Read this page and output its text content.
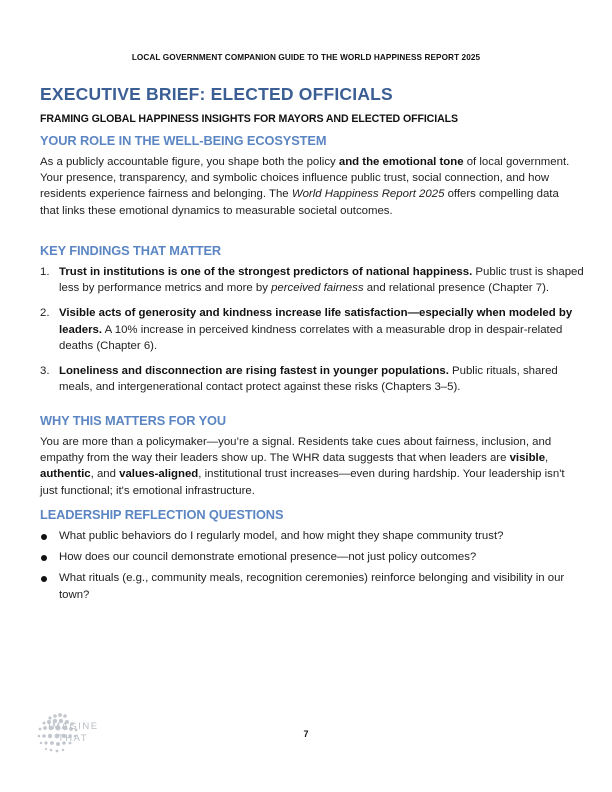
LOCAL GOVERNMENT COMPANION GUIDE TO THE WORLD HAPPINESS REPORT 2025
EXECUTIVE BRIEF: ELECTED OFFICIALS
FRAMING GLOBAL HAPPINESS INSIGHTS FOR MAYORS AND ELECTED OFFICIALS
YOUR ROLE IN THE WELL-BEING ECOSYSTEM

As a publicly accountable figure, you shape both the policy and the emotional tone of local government. Your presence, transparency, and symbolic choices influence public trust, social connection, and how residents experience fairness and belonging. The World Happiness Report 2025 offers compelling data that links these emotional dynamics to measurable societal outcomes.

KEY FINDINGS THAT MATTER
1. Trust in institutions is one of the strongest predictors of national happiness. Public trust is shaped less by performance metrics and more by perceived fairness and relational presence (Chapter 7).
2. Visible acts of generosity and kindness increase life satisfaction—especially when modeled by leaders. A 10% increase in perceived kindness correlates with a measurable drop in despair-related deaths (Chapter 6).
3. Loneliness and disconnection are rising fastest in younger populations. Public rituals, shared meals, and intergenerational contact protect against these risks (Chapters 3–5).
WHY THIS MATTERS FOR YOU

You are more than a policymaker—you’re a signal. Residents take cues about fairness, inclusion, and empathy from the way their leaders show up. The WHR data suggests that when leaders are visible, authentic, and values-aligned, institutional trust increases—even during hardship. Your leadership isn't just functional; it's emotional infrastructure.

LEADERSHIP REFLECTION QUESTIONS
What public behaviors do I regularly model, and how might they shape community trust?
How does our council demonstrate emotional presence—not just policy outcomes?
What rituals (e.g., community meals, recognition ceremonies) reinforce belonging and visibility in our town?
IMAGINE
THAT	7
